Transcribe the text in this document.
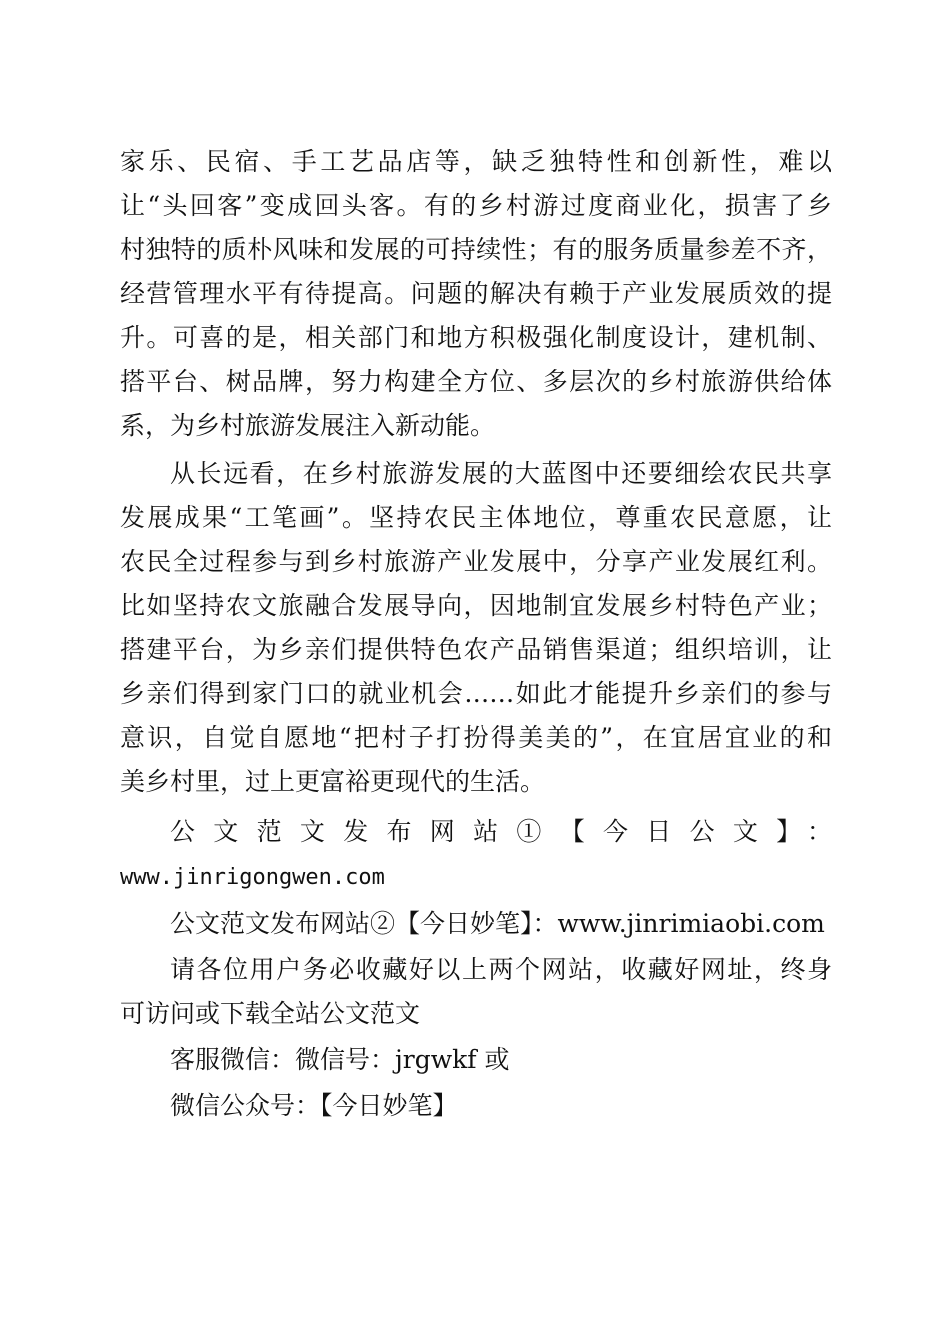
家乐、民宿、手工艺品店等，缺乏独特性和创新性，难以
让“头回客”变成回头客。有的乡村游过度商业化，损害了乡
村独特的质朴风味和发展的可持续性；有的服务质量参差不齐，
经营管理水平有待提高。问题的解决有赖于产业发展质效的提
升。可喜的是，相关部门和地方积极强化制度设计，建机制、
搭平台、树品牌，努力构建全方位、多层次的乡村旅游供给体
系，为乡村旅游发展注入新动能。
从长远看，在乡村旅游发展的大蓝图中还要细绘农民共享
发展成果“工笔画”。坚持农民主体地位，尊重农民意愿，让
农民全过程参与到乡村旅游产业发展中，分享产业发展红利。
比如坚持农文旅融合发展导向，因地制宜发展乡村特色产业；
搭建平台，为乡亲们提供特色农产品销售渠道；组织培训，让
乡亲们得到家门口的就业机会……如此才能提升乡亲们的参与
意识，自觉自愿地“把村子打扮得美美的”，在宜居宜业的和
美乡村里，过上更富裕更现代的生活。
公文范文发布网站①【今日公文】：
www.jinrigongwen.com
公文范文发布网站②【今日妙笔】：www.jinrimiaobi.com
请各位用户务必收藏好以上两个网站，收藏好网址，终身
可访问或下载全站公文范文
客服微信：微信号：jrgwkf 或
微信公众号：【今日妙笔】
